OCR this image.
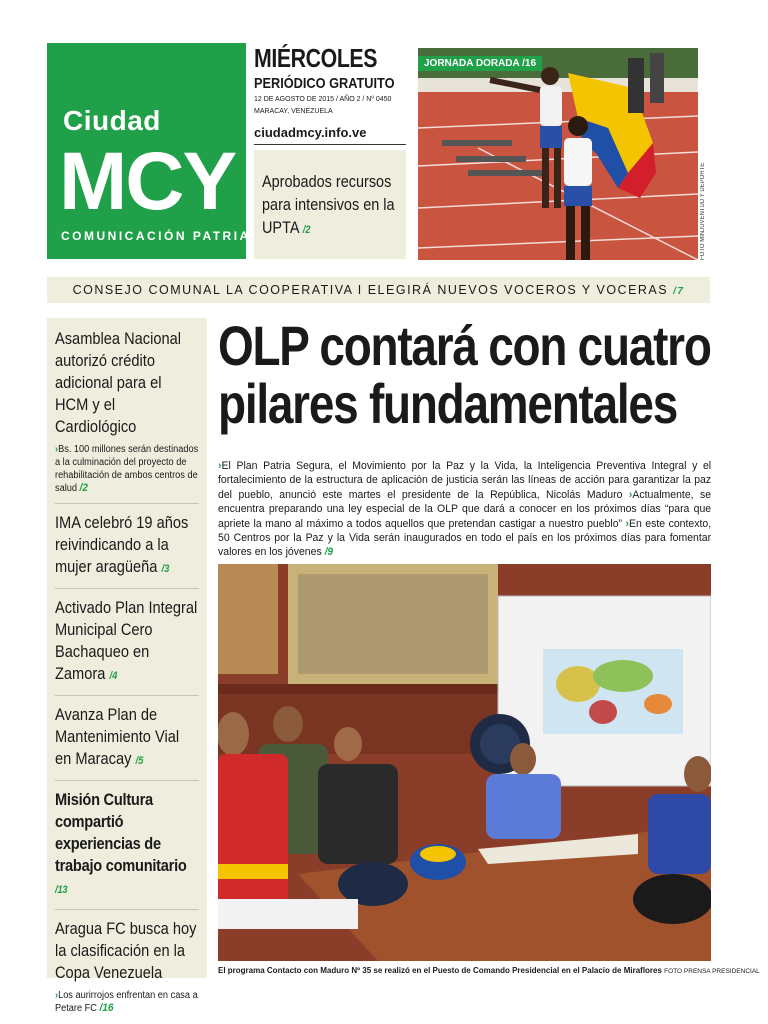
Ciudad
MCY
COMUNICACIÓN PATRIA
MIÉRCOLES
PERIÓDICO GRATUITO
12 DE AGOSTO DE 2015 / AÑO 2 / Nº 0450
MARACAY, VENEZUELA
ciudadmcy.info.ve
Aprobados recursos para intensivos en la UPTA /2
JORNADA DORADA /16
FOTO MINJUVENTUD Y DEPORTE
CONSEJO COMUNAL LA COOPERATIVA I ELEGIRÁ NUEVOS VOCEROS Y VOCERAS /7
Asamblea Nacional autorizó crédito adicional para el HCM y el Cardiológico
›Bs. 100 millones serán destinados a la culminación del proyecto de rehabilitación de ambos centros de salud /2
IMA celebró 19 años reivindicando a la mujer aragüeña /3
Activado Plan Integral Municipal Cero Bachaqueo en Zamora /4
Avanza Plan de Mantenimiento Vial en Maracay /5
Misión Cultura compartió experiencias de trabajo comunitario /13
Aragua FC busca hoy la clasificación en la Copa Venezuela
›Los aurirrojos enfrentan en casa a Petare FC /16
OLP contará con cuatro pilares fundamentales
›El Plan Patria Segura, el Movimiento por la Paz y la Vida, la Inteligencia Preventiva Integral y el fortalecimiento de la estructura de aplicación de justicia serán las líneas de acción para garantizar la paz del pueblo, anunció este martes el presidente de la República, Nicolás Maduro ›Actualmente, se encuentra preparando una ley especial de la OLP que dará a conocer en los próximos días “para que apriete la mano al máximo a todos aquellos que pretendan castigar a nuestro pueblo” ›En este contexto, 50 Centros por la Paz y la Vida serán inaugurados en todo el país en los próximos días para fomentar valores en los jóvenes /9
El programa Contacto con Maduro Nº 35 se realizó en el Puesto de Comando Presidencial en el Palacio de Miraflores FOTO PRENSA PRESIDENCIAL
